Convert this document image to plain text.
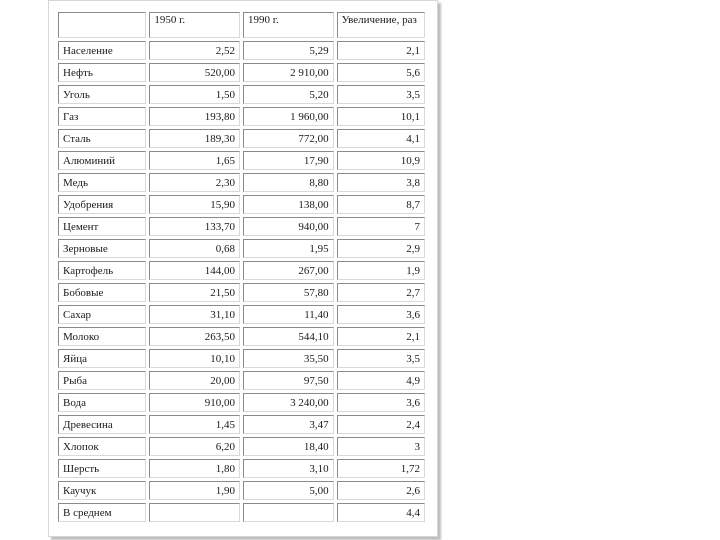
	1950 г.	1990 г.	Увеличение, раз
Население	2,52	5,29	2,1
Нефть	520,00	2 910,00	5,6
Уголь	1,50	5,20	3,5
Газ	193,80	1 960,00	10,1
Сталь	189,30	772,00	4,1
Алюминий	1,65	17,90	10,9
Медь	2,30	8,80	3,8
Удобрения	15,90	138,00	8,7
Цемент	133,70	940,00	7
Зерновые	0,68	1,95	2,9
Картофель	144,00	267,00	1,9
Бобовые	21,50	57,80	2,7
Сахар	31,10	11,40	3,6
Молоко	263,50	544,10	2,1
Яйца	10,10	35,50	3,5
Рыба	20,00	97,50	4,9
Вода	910,00	3 240,00	3,6
Древесина	1,45	3,47	2,4
Хлопок	6,20	18,40	3
Шерсть	1,80	3,10	1,72
Каучук	1,90	5,00	2,6
В среднем			4,4
